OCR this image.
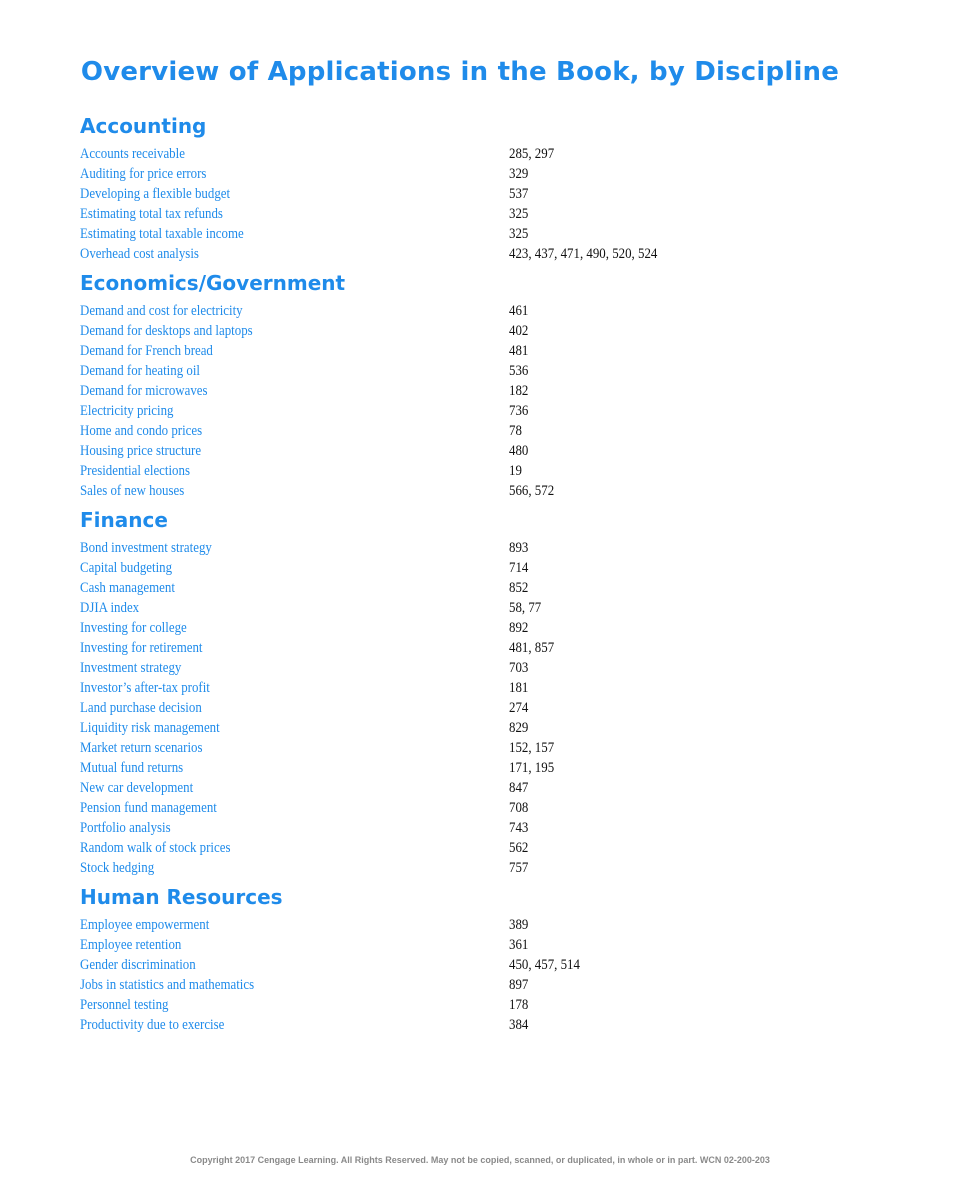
Overview of Applications in the Book, by Discipline
Accounting
Accounts receivable	285, 297
Auditing for price errors	329
Developing a flexible budget	537
Estimating total tax refunds	325
Estimating total taxable income	325
Overhead cost analysis	423, 437, 471, 490, 520, 524
Economics/Government
Demand and cost for electricity	461
Demand for desktops and laptops	402
Demand for French bread	481
Demand for heating oil	536
Demand for microwaves	182
Electricity pricing	736
Home and condo prices	78
Housing price structure	480
Presidential elections	19
Sales of new houses	566, 572
Finance
Bond investment strategy	893
Capital budgeting	714
Cash management	852
DJIA index	58, 77
Investing for college	892
Investing for retirement	481, 857
Investment strategy	703
Investor’s after-tax profit	181
Land purchase decision	274
Liquidity risk management	829
Market return scenarios	152, 157
Mutual fund returns	171, 195
New car development	847
Pension fund management	708
Portfolio analysis	743
Random walk of stock prices	562
Stock hedging	757
Human Resources
Employee empowerment	389
Employee retention	361
Gender discrimination	450, 457, 514
Jobs in statistics and mathematics	897
Personnel testing	178
Productivity due to exercise	384

Copyright 2017 Cengage Learning. All Rights Reserved. May not be copied, scanned, or duplicated, in whole or in part. WCN 02-200-203
